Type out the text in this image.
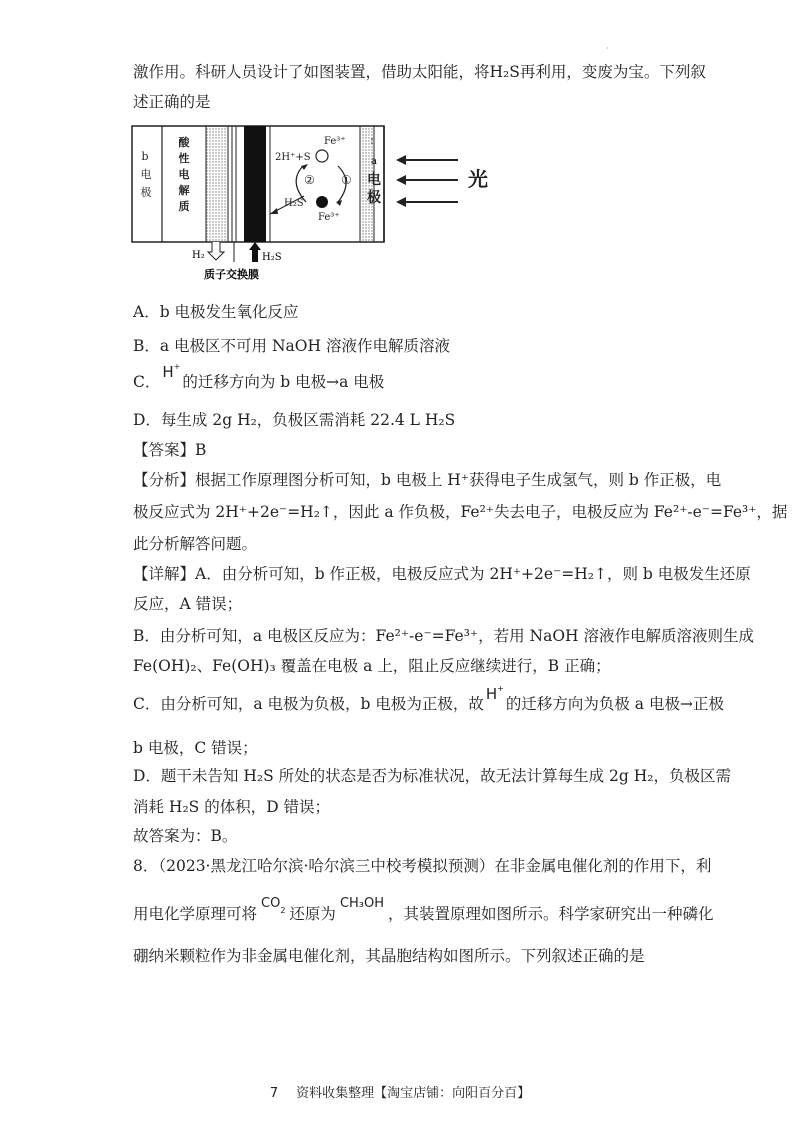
·
激作用。科研人员设计了如图装置，借助太阳能，将H₂S再利用，变废为宝。下列叙
述正确的是
b
电
极
酸
性
电
解
质
:
a
电
极
Fe³⁺
Fe³⁺
2H⁺+S
② ①
H₂S
光
H₂	H₂S
质子交换膜
A．b 电极发生氧化反应
B．a 电极区不可用 NaOH 溶液作电解质溶液
C．H+的迁移方向为 b 电极→a 电极
D．每生成 2g H₂，负极区需消耗 22.4 L H₂S
【答案】B
【分析】根据工作原理图分析可知，b 电极上 H⁺获得电子生成氢气，则 b 作正极，电
极反应式为 2H⁺+2e⁻=H₂↑，因此 a 作负极，Fe²⁺失去电子，电极反应为 Fe²⁺-e⁻=Fe³⁺，据
此分析解答问题。
【详解】A．由分析可知，b 作正极，电极反应式为 2H⁺+2e⁻=H₂↑，则 b 电极发生还原
反应，A 错误；
B．由分析可知，a 电极区反应为：Fe²⁺-e⁻=Fe³⁺，若用 NaOH 溶液作电解质溶液则生成
Fe(OH)₂、Fe(OH)₃ 覆盖在电极 a 上，阻止反应继续进行，B 正确；
C．由分析可知，a 电极为负极，b 电极为正极，故H+的迁移方向为负极 a 电极→正极
b 电极，C 错误；
D．题干未告知 H₂S 所处的状态是否为标准状况，故无法计算每生成 2g H₂，负极区需
消耗 H₂S 的体积，D 错误；
故答案为：B。
8．（2023·黑龙江哈尔滨·哈尔滨三中校考模拟预测）在非金属电催化剂的作用下，利
用电化学原理可将$CO_2$ 还原为CH₃OH，其装置原理如图所示。科学家研究出一种磷化
硼纳米颗粒作为非金属电催化剂，其晶胞结构如图所示。下列叙述正确的是
7 资料收集整理【淘宝店铺：向阳百分百】
